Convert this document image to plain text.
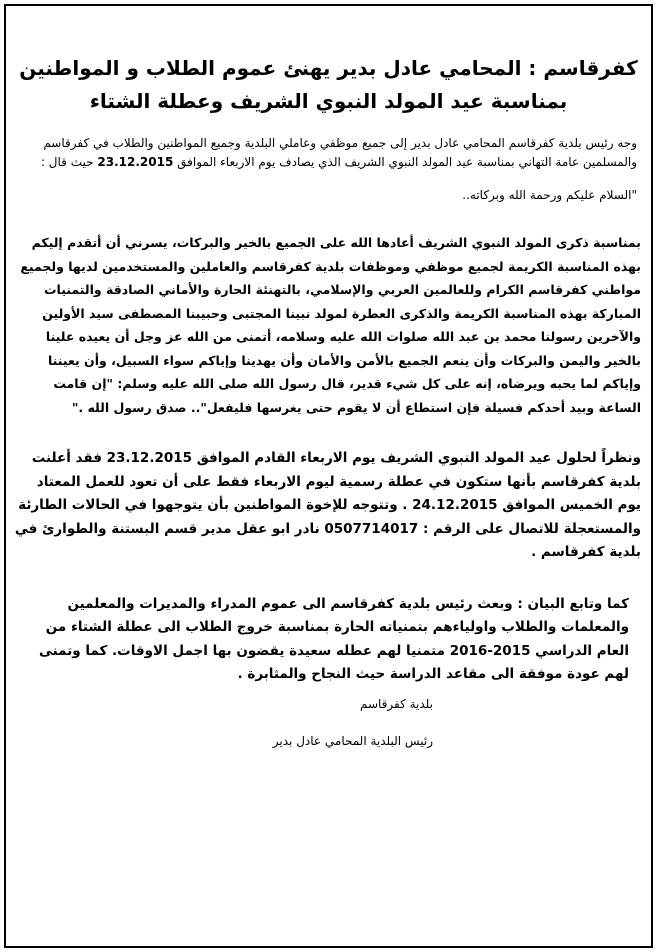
كفرقاسم : المحامي عادل بدير يهنئ عموم الطلاب و المواطنين
بمناسبة عيد المولد النبوي الشريف وعطلة الشتاء

وجه رئيس بلدية كفرقاسم المحامي عادل بدير إلى جميع موظفي وعاملي البلدية وجميع المواطنين والطلاب في كفرقاسم والمسلمين عامة التهاني بمناسبة عيد المولد النبوي الشريف الذي يصادف يوم الاربعاء الموافق 23.12.2015 حيث قال :

"السلام عليكم ورحمة الله وبركاته..

بمناسبة ذكرى المولد النبوي الشريف أعادها الله على الجميع بالخير والبركات، يسرني أن أتقدم إليكم بهذه المناسبة الكريمة لجميع موظفي وموظفات بلدية كفرقاسم والعاملين والمستخدمين لديها ولجميع مواطني كفرقاسم الكرام وللعالمين العربي والإسلامي، بالتهنئة الحارة والأماني الصادقة والتمنيات المباركة بهذه المناسبة الكريمة والذكرى العطرة لمولد نبينا المجتبى وحبيبنا المصطفى سيد الأولين والآخرين رسولنا محمد بن عبد الله صلوات الله عليه وسلامه، أتمنى من الله عز وجل أن يعيده علينا بالخير واليمن والبركات وأن ينعم الجميع بالأمن والأمان وأن يهدينا وإياكم سواء السبيل، وأن يعيننا وإياكم لما يحبه ويرضاه، إنه على كل شيء قدير، قال رسول الله صلى الله عليه وسلم: "إن قامت الساعة وبيد أحدكم فسيلة فإن استطاع أن لا يقوم حتى يغرسها فليفعل".. صدق رسول الله ."

ونظراً لحلول عيد المولد النبوي الشريف يوم الاربعاء القادم الموافق 23.12.2015 فقد أعلنت بلدية كفرقاسم بأنها ستكون في عطلة رسمية ليوم الاربعاء فقط على أن تعود للعمل المعتاد يوم الخميس الموافق 24.12.2015 . وتتوجه للإخوة المواطنين بأن يتوجهوا في الحالات الطارئة والمستعجلة للاتصال على الرقم : 0507714017 نادر ابو عقل مدير قسم البستنة والطوارئ في بلدية كفرقاسم .

كما وتابع البيان : وبعث رئيس بلدية كفرقاسم الى عموم المدراء والمديرات والمعلمين والمعلمات والطلاب واولياءهم بتمنياته الحارة بمناسبة خروج الطلاب الى عطلة الشتاء من العام الدراسي 2015-2016 متمنيا لهم عطله سعيدة يقضون بها اجمل الاوقات. كما وتمنى لهم عودة موفقة الى مقاعد الدراسة حيث النجاح والمثابرة .

بلدية كفرقاسم
رئيس البلدية المحامي عادل بدير
